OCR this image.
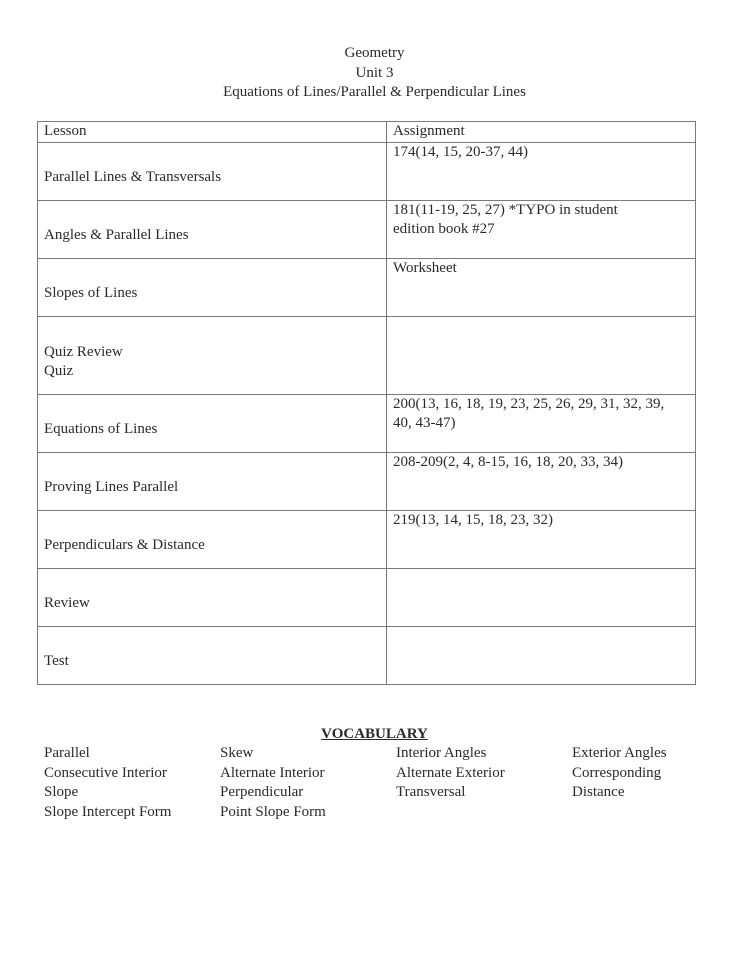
Geometry
Unit 3
Equations of Lines/Parallel & Perpendicular Lines
Lesson	Assignment

Parallel Lines & Transversals	174(14, 15, 20-37, 44)

Angles & Parallel Lines	181(11-19, 25, 27) *TYPO in student
edition book #27

Slopes of Lines	Worksheet

Quiz Review
Quiz	

Equations of Lines	200(13, 16, 18, 19, 23, 25, 26, 29, 31, 32, 39,
40, 43-47)

Proving Lines Parallel	208-209(2, 4, 8-15, 16, 18, 20, 33, 34)

Perpendiculars & Distance	219(13, 14, 15, 18, 23, 32)

Review	

Test	

VOCABULARY
Parallel
Consecutive Interior
Slope
Slope Intercept Form
Skew
Alternate Interior
Perpendicular
Point Slope Form
Interior Angles
Alternate Exterior
Transversal
Exterior Angles
Corresponding
Distance
